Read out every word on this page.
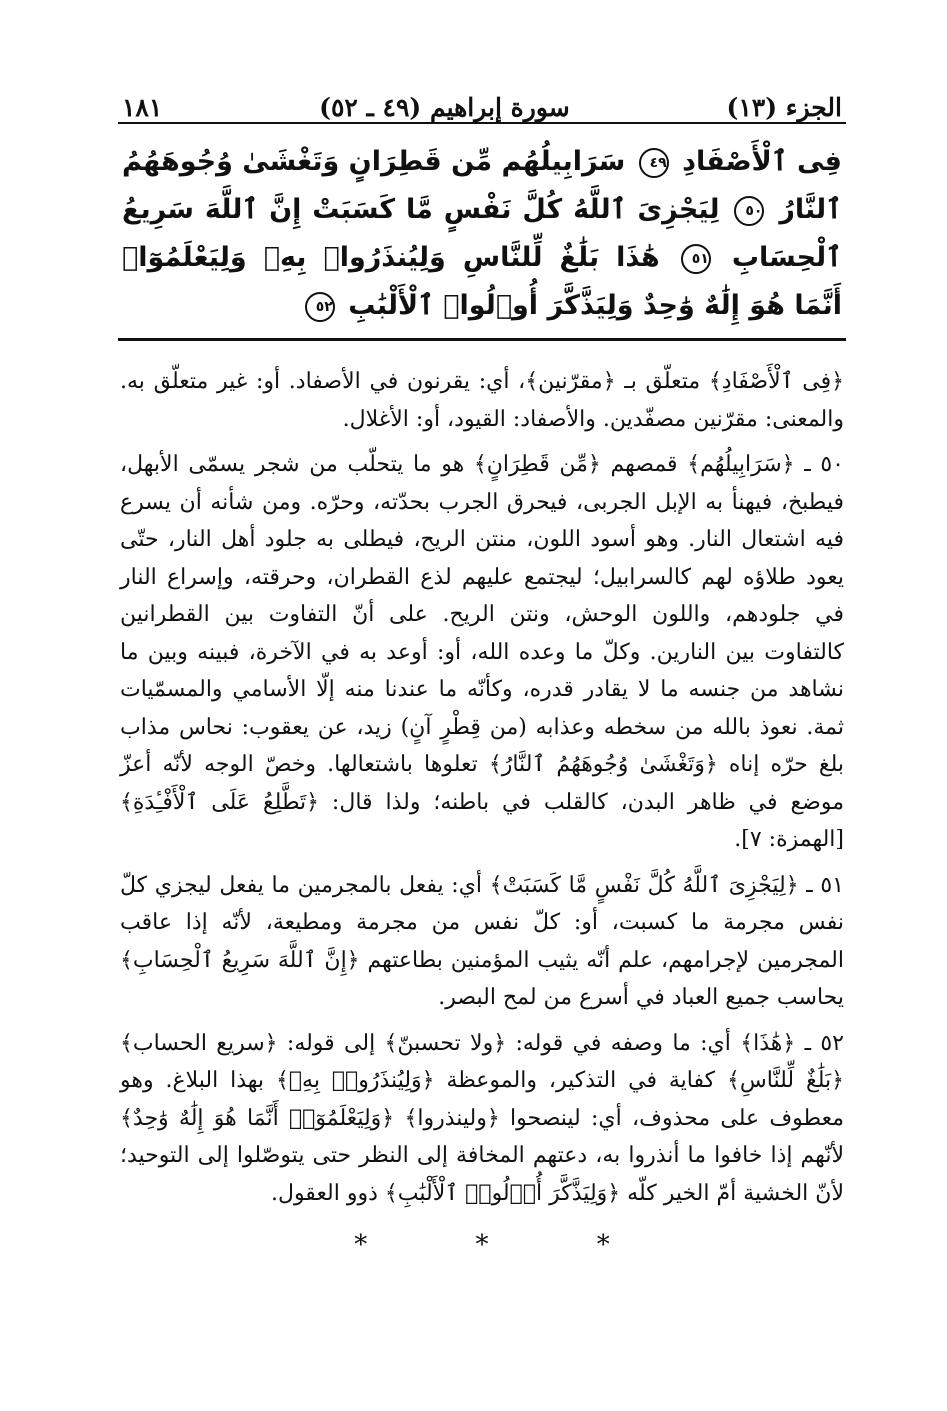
الجزء (١٣)
سورة إبراهيم (٤٩ ـ ٥٢)
١٨١
فِى ٱلْأَصْفَادِ ٤٩ سَرَابِيلُهُم مِّن قَطِرَانٍ وَتَغْشَىٰ وُجُوهَهُمُ ٱلنَّارُ ٥٠ لِيَجْزِىَ ٱللَّهُ كُلَّ نَفْسٍ مَّا كَسَبَتْ إِنَّ ٱللَّهَ سَرِيعُ ٱلْحِسَابِ ٥١ هَٰذَا بَلَٰغٌ لِّلنَّاسِ وَلِيُنذَرُوا۟ بِهِۦ وَلِيَعْلَمُوٓا۟ أَنَّمَا هُوَ إِلَٰهٌ وَٰحِدٌ وَلِيَذَّكَّرَ أُو۟لُوا۟ ٱلْأَلْبَٰبِ ٥٢

﴿فِى ٱلْأَصْفَادِ﴾ متعلّق بـ ﴿مقرّنين﴾، أي: يقرنون في الأصفاد. أو: غير متعلّق به. والمعنى: مقرّنين مصفّدين. والأصفاد: القيود، أو: الأغلال.

٥٠ ـ ﴿سَرَابِيلُهُم﴾ قمصهم ﴿مِّن قَطِرَانٍ﴾ هو ما يتحلّب من شجر يسمّى الأبهل، فيطبخ، فيهنأ به الإبل الجربى، فيحرق الجرب بحدّته، وحرّه. ومن شأنه أن يسرع فيه اشتعال النار. وهو أسود اللون، منتن الريح، فيطلى به جلود أهل النار، حتّى يعود طلاؤه لهم كالسرابيل؛ ليجتمع عليهم لذع القطران، وحرقته، وإسراع النار في جلودهم، واللون الوحش، ونتن الريح. على أنّ التفاوت بين القطرانين كالتفاوت بين النارين. وكلّ ما وعده الله، أو: أوعد به في الآخرة، فبينه وبين ما نشاهد من جنسه ما لا يقادر قدره، وكأنّه ما عندنا منه إلّا الأسامي والمسمّيات ثمة. نعوذ بالله من سخطه وعذابه (من قِطْرٍ آنٍ) زيد، عن يعقوب: نحاس مذاب بلغ حرّه إناه ﴿وَتَغْشَىٰ وُجُوهَهُمُ ٱلنَّارُ﴾ تعلوها باشتعالها. وخصّ الوجه لأنّه أعزّ موضع في ظاهر البدن، كالقلب في باطنه؛ ولذا قال: ﴿تَطَّلِعُ عَلَى ٱلْأَفْـِٔدَةِ﴾ [الهمزة: ٧].

٥١ ـ ﴿لِيَجْزِىَ ٱللَّهُ كُلَّ نَفْسٍ مَّا كَسَبَتْ﴾ أي: يفعل بالمجرمين ما يفعل ليجزي كلّ نفس مجرمة ما كسبت، أو: كلّ نفس من مجرمة ومطيعة، لأنّه إذا عاقب المجرمين لإجرامهم، علم أنّه يثيب المؤمنين بطاعتهم ﴿إِنَّ ٱللَّهَ سَرِيعُ ٱلْحِسَابِ﴾ يحاسب جميع العباد في أسرع من لمح البصر.

٥٢ ـ ﴿هَٰذَا﴾ أي: ما وصفه في قوله: ﴿ولا تحسبنّ﴾ إلى قوله: ﴿سريع الحساب﴾ ﴿بَلَٰغٌ لِّلنَّاسِ﴾ كفاية في التذكير، والموعظة ﴿وَلِيُنذَرُوا۟ بِهِۦ﴾ بهذا البلاغ. وهو معطوف على محذوف، أي: لينصحوا ﴿ولينذروا﴾ ﴿وَلِيَعْلَمُوٓا۟ أَنَّمَا هُوَ إِلَٰهٌ وَٰحِدٌ﴾ لأنّهم إذا خافوا ما أنذروا به، دعتهم المخافة إلى النظر حتى يتوصّلوا إلى التوحيد؛ لأنّ الخشية أمّ الخير كلّه ﴿وَلِيَذَّكَّرَ أُو۟لُوا۟ ٱلْأَلْبَٰبِ﴾ ذوو العقول.

* * *
